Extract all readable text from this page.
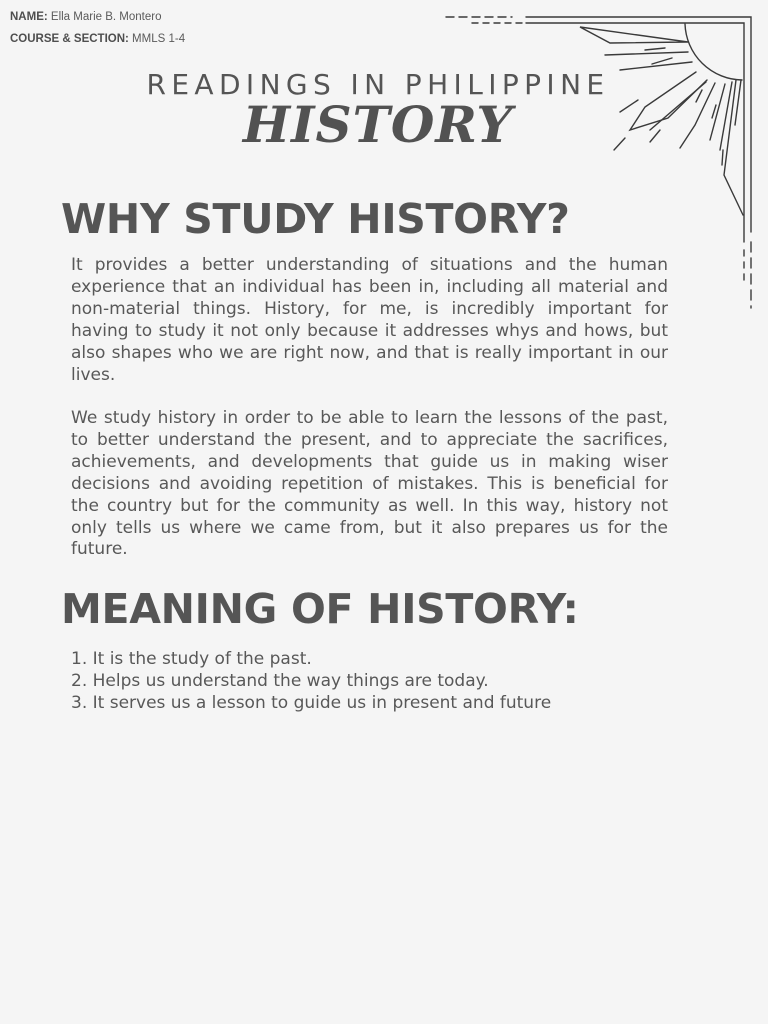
NAME: Ella Marie B. Montero
COURSE & SECTION: MMLS 1-4
READINGS IN PHILIPPINE
HISTORY
WHY STUDY HISTORY?

It provides a better understanding of situations and the human experience that an individual has been in, including all material and non-material things. History, for me, is incredibly important for having to study it not only because it addresses whys and hows, but also shapes who we are right now, and that is really important in our lives.

We study history in order to be able to learn the lessons of the past, to better understand the present, and to appreciate the sacrifices, achievements, and developments that guide us in making wiser decisions and avoiding repetition of mistakes. This is beneficial for the country but for the community as well. In this way, history not only tells us where we came from, but it also prepares us for the future.

MEANING OF HISTORY:
1. It is the study of the past.
2. Helps us understand the way things are today.
3. It serves us a lesson to guide us in present and future
